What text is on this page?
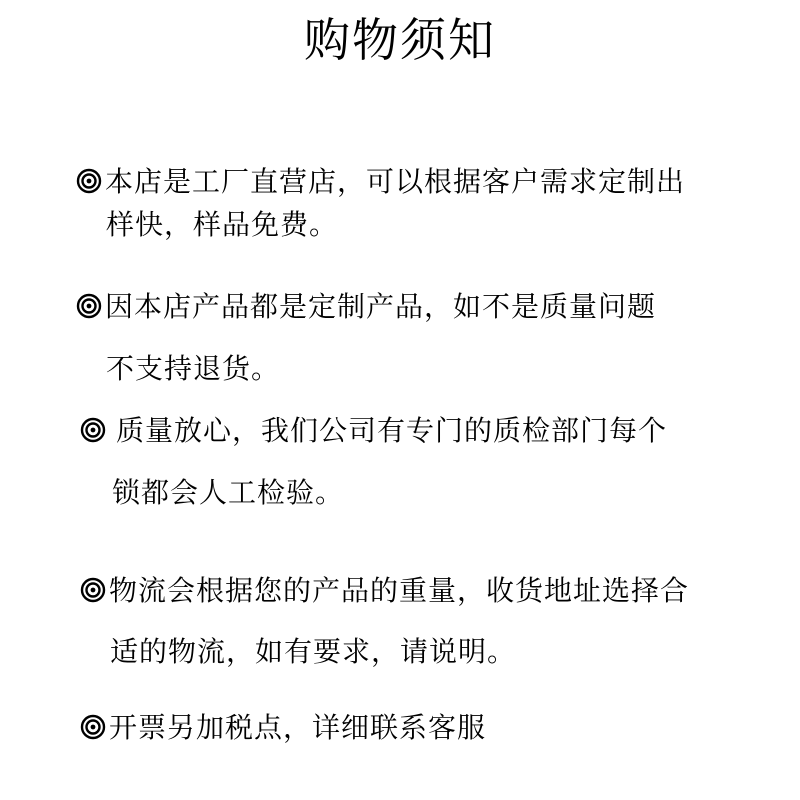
购物须知
本店是工厂直营店，可以根据客户需求定制出
样快，样品免费。
因本店产品都是定制产品，如不是质量问题
不支持退货。
质量放心，我们公司有专门的质检部门每个
锁都会人工检验。
物流会根据您的产品的重量，收货地址选择合
适的物流，如有要求，请说明。
开票另加税点，详细联系客服
